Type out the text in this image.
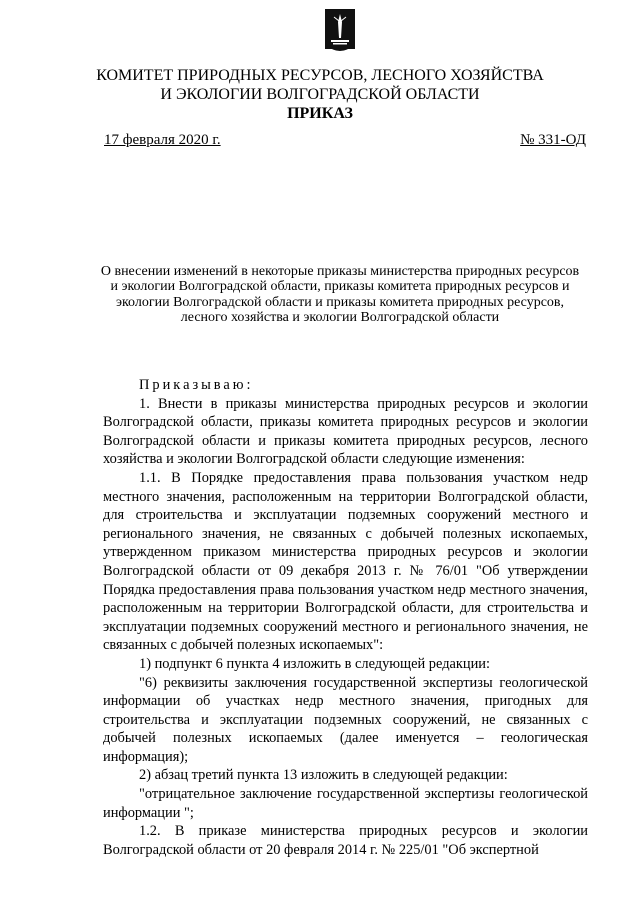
КОМИТЕТ ПРИРОДНЫХ РЕСУРСОВ, ЛЕСНОГО ХОЗЯЙСТВА
И ЭКОЛОГИИ ВОЛГОГРАДСКОЙ ОБЛАСТИ
ПРИКАЗ
17 февраля 2020 г.	№ 331-ОД
О внесении изменений в некоторые приказы министерства природных ресурсов и экологии Волгоградской области, приказы комитета природных ресурсов и экологии Волгоградской области и приказы комитета природных ресурсов, лесного хозяйства и экологии Волгоградской области

Приказываю:

1. Внести в приказы министерства природных ресурсов и экологии Волгоградской области, приказы комитета природных ресурсов и экологии Волгоградской области и приказы комитета природных ресурсов, лесного хозяйства и экологии Волгоградской области следующие изменения:

1.1. В Порядке предоставления права пользования участком недр местного значения, расположенным на территории Волгоградской области, для строительства и эксплуатации подземных сооружений местного и регионального значения, не связанных с добычей полезных ископаемых, утвержденном приказом министерства природных ресурсов и экологии Волгоградской области от 09 декабря 2013 г. № 76/01 "Об утверждении Порядка предоставления права пользования участком недр местного значения, расположенным на территории Волгоградской области, для строительства и эксплуатации подземных сооружений местного и регионального значения, не связанных с добычей полезных ископаемых":

1) подпункт 6 пункта 4 изложить в следующей редакции:

"6) реквизиты заключения государственной экспертизы геологической информации об участках недр местного значения, пригодных для строительства и эксплуатации подземных сооружений, не связанных с добычей полезных ископаемых (далее именуется – геологическая информация);

2) абзац третий пункта 13 изложить в следующей редакции:

"отрицательное заключение государственной экспертизы геологической информации ";

1.2. В приказе министерства природных ресурсов и экологии Волгоградской области от 20 февраля 2014 г. № 225/01 "Об экспертной
